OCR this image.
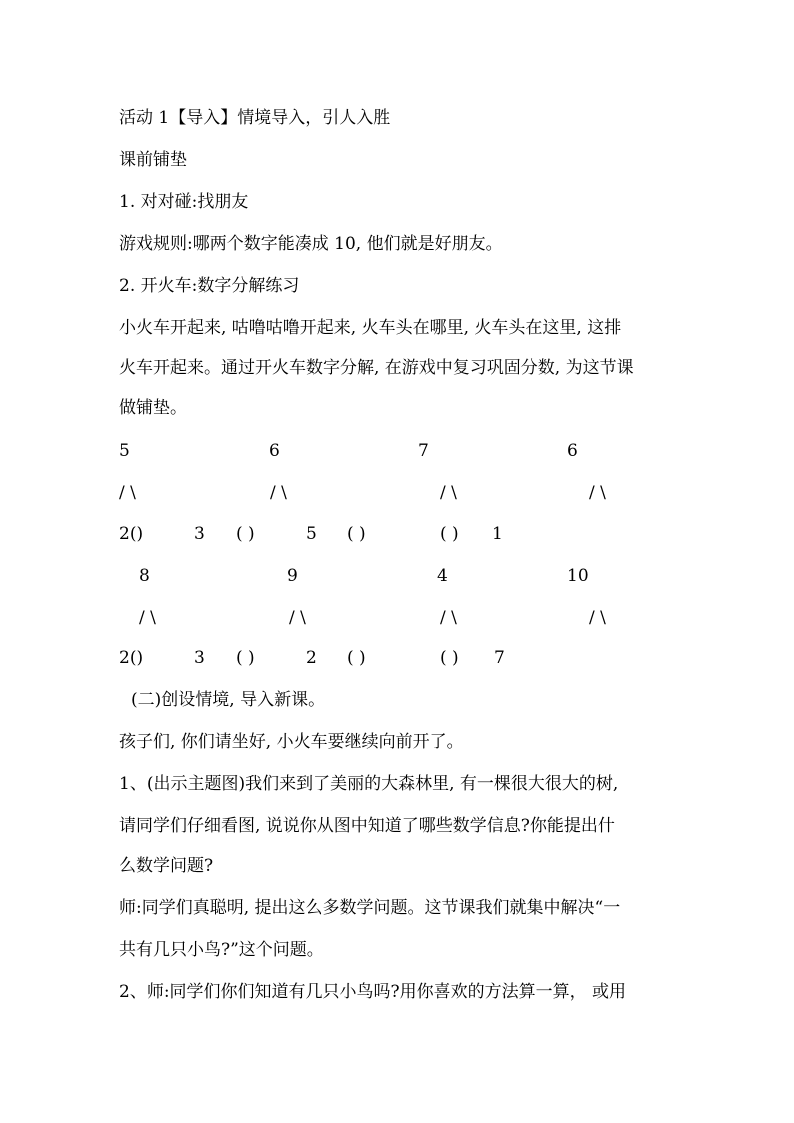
活动 1【导入】情境导入，引人入胜
课前铺垫
1. 对对碰:找朋友
游戏规则:哪两个数字能凑成 10, 他们就是好朋友。
2. 开火车:数字分解练习
小火车开起来, 咕噜咕噜开起来, 火车头在哪里, 火车头在这里, 这排
火车开起来。通过开火车数字分解, 在游戏中复习巩固分数, 为这节课
做铺垫。
5	6	7	6
/ \	/ \	/ \	/ \
2()	3 ( )	5 ( )	( ) 1
8	9	4	10
/ \	/ \	/ \	/ \
2()	3 ( )	2 ( )	( ) 7
(二)创设情境, 导入新课。
孩子们, 你们请坐好, 小火车要继续向前开了。
1、(出示主题图)我们来到了美丽的大森林里, 有一棵很大很大的树,
请同学们仔细看图, 说说你从图中知道了哪些数学信息?你能提出什
么数学问题?
师:同学们真聪明, 提出这么多数学问题。这节课我们就集中解决“一
共有几只小鸟?”这个问题。
2、师:同学们你们知道有几只小鸟吗?用你喜欢的方法算一算， 或用
